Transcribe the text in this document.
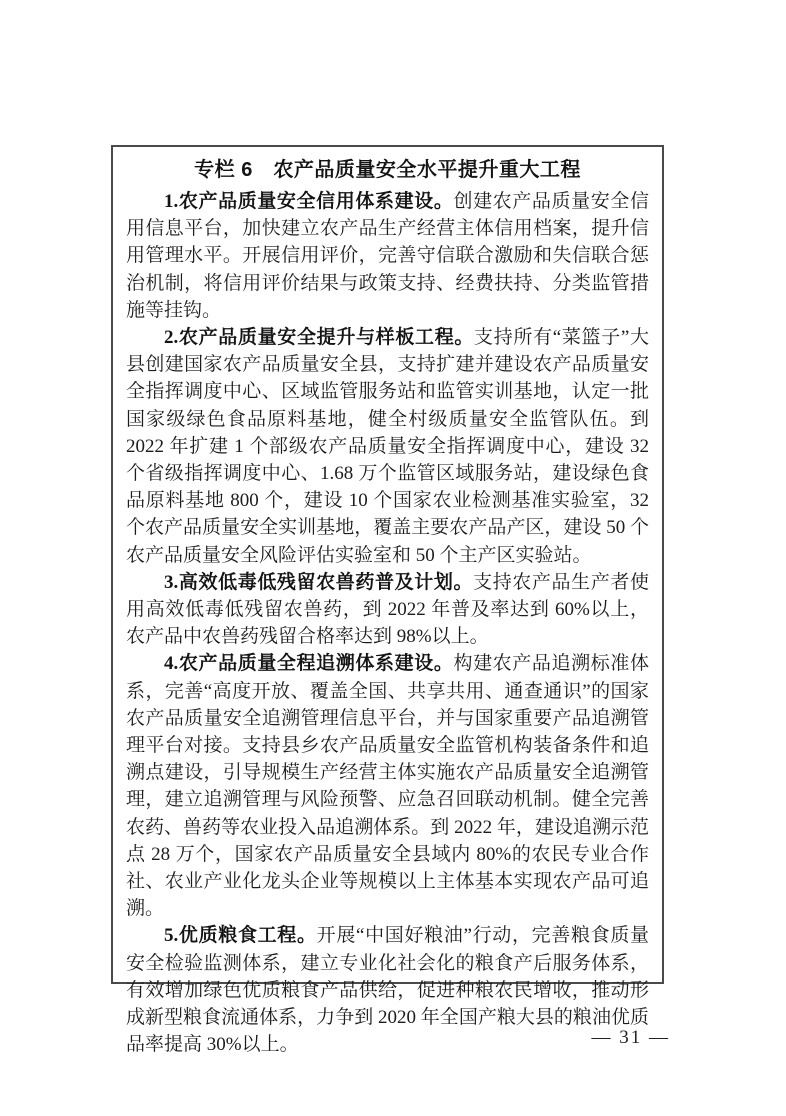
专栏 6　农产品质量安全水平提升重大工程

1.农产品质量安全信用体系建设。创建农产品质量安全信用信息平台，加快建立农产品生产经营主体信用档案，提升信用管理水平。开展信用评价，完善守信联合激励和失信联合惩治机制，将信用评价结果与政策支持、经费扶持、分类监管措施等挂钩。

2.农产品质量安全提升与样板工程。支持所有“菜篮子”大县创建国家农产品质量安全县，支持扩建并建设农产品质量安全指挥调度中心、区域监管服务站和监管实训基地，认定一批国家级绿色食品原料基地，健全村级质量安全监管队伍。到 2022 年扩建 1 个部级农产品质量安全指挥调度中心，建设 32 个省级指挥调度中心、1.68 万个监管区域服务站，建设绿色食品原料基地 800 个，建设 10 个国家农业检测基准实验室，32 个农产品质量安全实训基地，覆盖主要农产品产区，建设 50 个农产品质量安全风险评估实验室和 50 个主产区实验站。

3.高效低毒低残留农兽药普及计划。支持农产品生产者使用高效低毒低残留农兽药，到 2022 年普及率达到 60%以上，农产品中农兽药残留合格率达到 98%以上。

4.农产品质量全程追溯体系建设。构建农产品追溯标准体系，完善“高度开放、覆盖全国、共享共用、通查通识”的国家农产品质量安全追溯管理信息平台，并与国家重要产品追溯管理平台对接。支持县乡农产品质量安全监管机构装备条件和追溯点建设，引导规模生产经营主体实施农产品质量安全追溯管理，建立追溯管理与风险预警、应急召回联动机制。健全完善农药、兽药等农业投入品追溯体系。到 2022 年，建设追溯示范点 28 万个，国家农产品质量安全县域内 80%的农民专业合作社、农业产业化龙头企业等规模以上主体基本实现农产品可追溯。

5.优质粮食工程。开展“中国好粮油”行动，完善粮食质量安全检验监测体系，建立专业化社会化的粮食产后服务体系，有效增加绿色优质粮食产品供给，促进种粮农民增收，推动形成新型粮食流通体系，力争到 2020 年全国产粮大县的粮油优质品率提高 30%以上。	— 31 —
